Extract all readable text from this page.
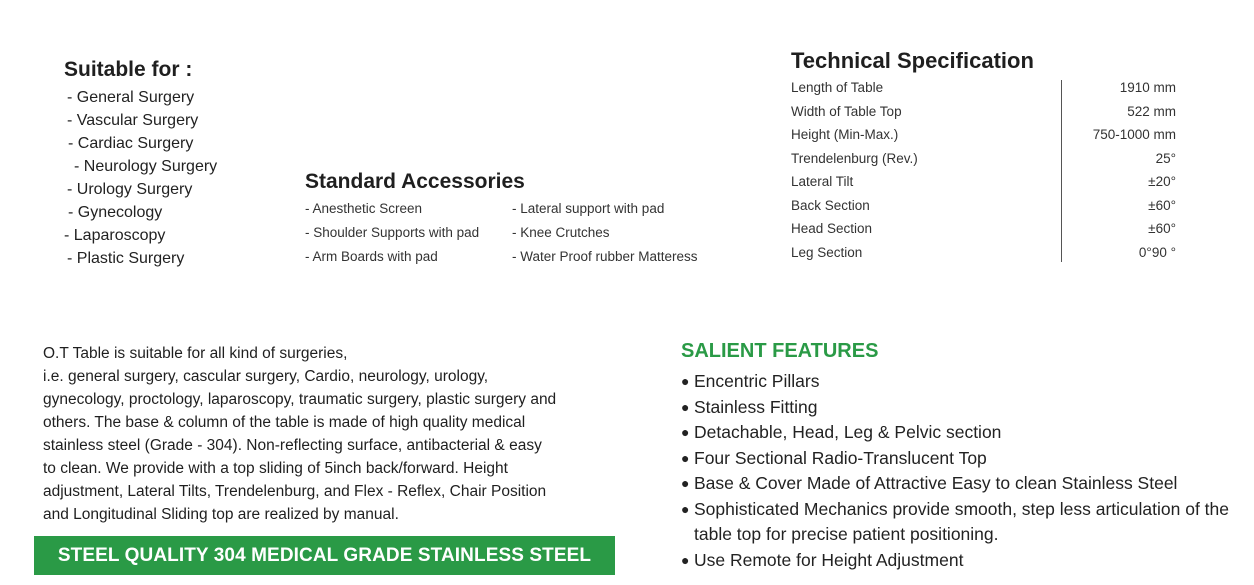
Suitable for :
- General Surgery
- Vascular Surgery
- Cardiac Surgery
- Neurology Surgery
- Urology Surgery
- Gynecology
- Laparoscopy
- Plastic Surgery
Standard Accessories
- Anesthetic Screen	- Lateral support with pad
- Shoulder Supports with pad	- Knee Crutches
- Arm Boards with pad	- Water Proof rubber Matteress
Technical Specification
Length of Table	1910 mm
Width of Table Top	522 mm
Height (Min-Max.)	750-1000 mm
Trendelenburg (Rev.)	25°
Lateral Tilt	±20°
Back Section	±60°
Head Section	±60°
Leg Section	0°90 °

O.T Table is suitable for all kind of surgeries,

i.e. general surgery, cascular surgery, Cardio, neurology, urology,

gynecology, proctology, laparoscopy, traumatic surgery, plastic surgery and

others. The base & column of the table is made of high quality medical

stainless steel (Grade - 304). Non-reflecting surface, antibacterial & easy

to clean. We provide with a top sliding of 5inch back/forward. Height

adjustment, Lateral Tilts, Trendelenburg, and Flex - Reflex, Chair Position

and Longitudinal Sliding top are realized by manual.

STEEL QUALITY 304 MEDICAL GRADE STAINLESS STEEL
SALIENT FEATURES
● Encentric Pillars
● Stainless Fitting
● Detachable, Head, Leg & Pelvic section
● Four Sectional Radio-Translucent Top
● Base & Cover Made of Attractive Easy to clean Stainless Steel
● Sophisticated Mechanics provide smooth, step less articulation of the table top for precise patient positioning.
● Use Remote for Height Adjustment
